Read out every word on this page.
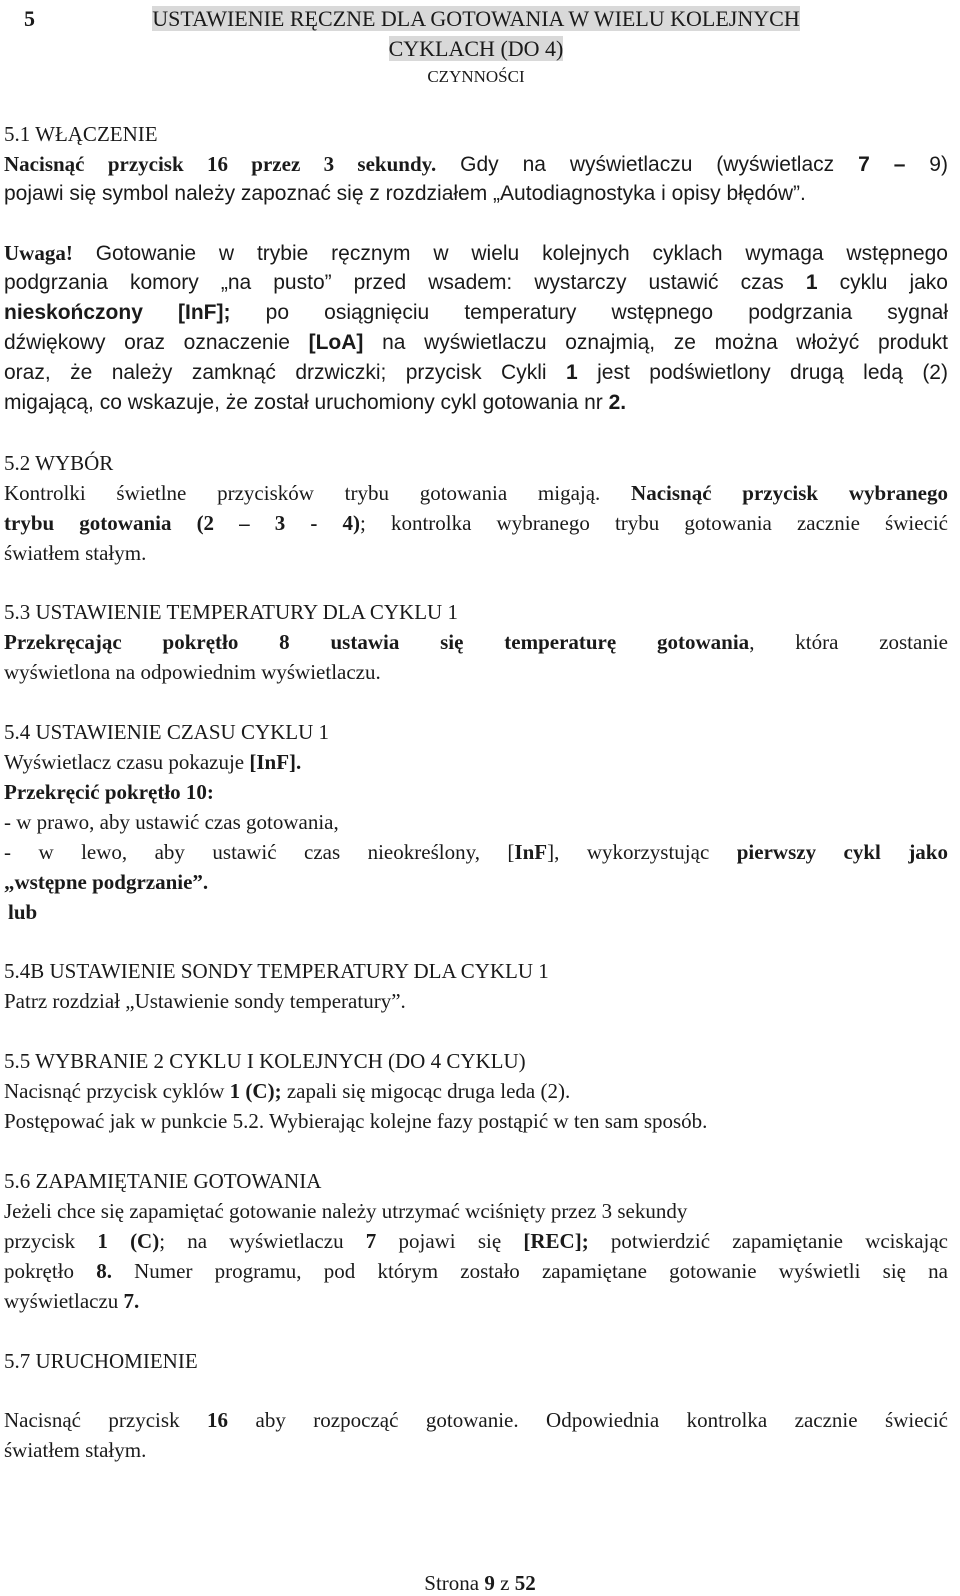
5	USTAWIENIE RĘCZNE DLA GOTOWANIA W WIELU KOLEJNYCH
CYKLACH (DO 4)
CZYNNOŚCI
5.1 WŁĄCZENIE
Nacisnąć przycisk 16 przez 3 sekundy. Gdy na wyświetlaczu (wyświetlacz 7 – 9)
pojawi się symbol należy zapoznać się z rozdziałem „Autodiagnostyka i opisy błędów”.
Uwaga! Gotowanie w trybie ręcznym w wielu kolejnych cyklach wymaga wstępnego
podgrzania komory „na pusto” przed wsadem: wystarczy ustawić czas 1 cyklu jako
nieskończony [InF]; po osiągnięciu temperatury wstępnego podgrzania sygnał
dźwiękowy oraz oznaczenie [LoA] na wyświetlaczu oznajmią, ze można włożyć produkt
oraz, że należy zamknąć drzwiczki; przycisk Cykli 1 jest podświetlony drugą ledą (2)
migającą, co wskazuje, że został uruchomiony cykl gotowania nr 2.
5.2 WYBÓR
Kontrolki świetlne przycisków trybu gotowania migają. Nacisnąć przycisk wybranego
trybu gotowania (2 – 3 - 4); kontrolka wybranego trybu gotowania zacznie świecić
światłem stałym.
5.3 USTAWIENIE TEMPERATURY DLA CYKLU 1
Przekręcając pokrętło 8 ustawia się temperaturę gotowania, która zostanie
wyświetlona na odpowiednim wyświetlaczu.
5.4 USTAWIENIE CZASU CYKLU 1
Wyświetlacz czasu pokazuje [InF].
Przekręcić pokrętło 10:
- w prawo, aby ustawić czas gotowania,
- w lewo, aby ustawić czas nieokreślony, [InF], wykorzystując pierwszy cykl jako
„wstępne podgrzanie”.
lub
5.4B USTAWIENIE SONDY TEMPERATURY DLA CYKLU 1
Patrz rozdział „Ustawienie sondy temperatury”.
5.5 WYBRANIE 2 CYKLU I KOLEJNYCH (DO 4 CYKLU)
Nacisnąć przycisk cyklów 1 (C); zapali się migocąc druga leda (2).
Postępować jak w punkcie 5.2. Wybierając kolejne fazy postąpić w ten sam sposób.
5.6 ZAPAMIĘTANIE GOTOWANIA
Jeżeli chce się zapamiętać gotowanie należy utrzymać wciśnięty przez 3 sekundy
przycisk 1 (C); na wyświetlaczu 7 pojawi się [REC]; potwierdzić zapamiętanie wciskając
pokrętło 8. Numer programu, pod którym zostało zapamiętane gotowanie wyświetli się na
wyświetlaczu 7.
5.7 URUCHOMIENIE
Nacisnąć przycisk 16 aby rozpocząć gotowanie. Odpowiednia kontrolka zacznie świecić
światłem stałym.
Strona 9 z 52
